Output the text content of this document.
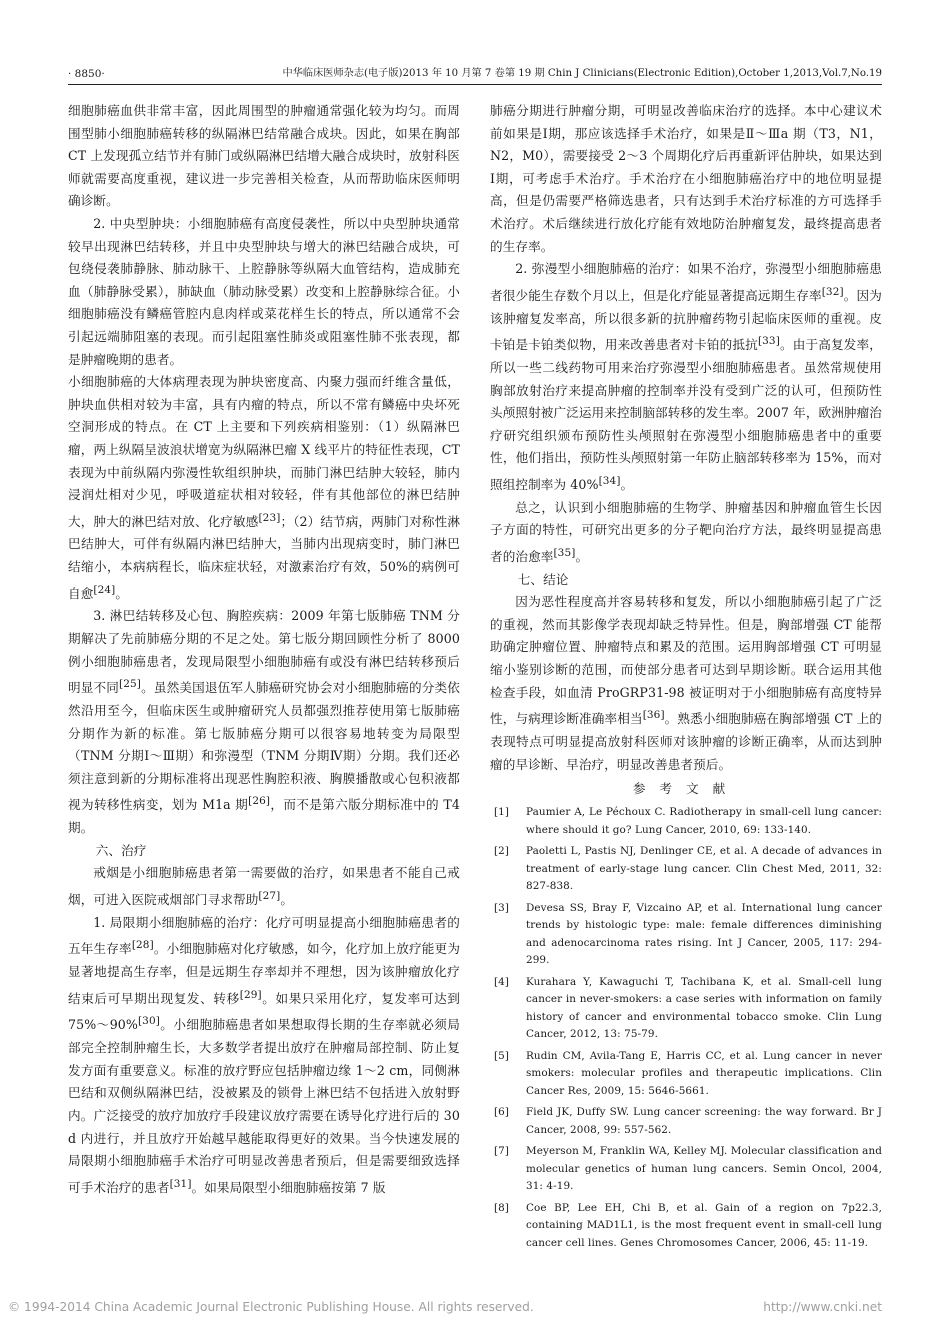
· 8850·	中华临床医师杂志(电子版)2013 年 10 月第 7 卷第 19 期 Chin J Clinicians(Electronic Edition),October 1,2013,Vol.7,No.19

细胞肺癌血供非常丰富，因此周围型的肿瘤通常强化较为均匀。而周围型肺小细胞肺癌转移的纵隔淋巴结常融合成块。因此，如果在胸部 CT 上发现孤立结节并有肺门或纵隔淋巴结增大融合成块时，放射科医师就需要高度重视，建议进一步完善相关检查，从而帮助临床医师明确诊断。

2. 中央型肿块：小细胞肺癌有高度侵袭性，所以中央型肿块通常较早出现淋巴结转移，并且中央型肿块与增大的淋巴结融合成块，可包绕侵袭肺静脉、肺动脉干、上腔静脉等纵隔大血管结构，造成肺充血（肺静脉受累），肺缺血（肺动脉受累）改变和上腔静脉综合征。小细胞肺癌没有鳞癌管腔内息肉样或菜花样生长的特点，所以通常不会引起远端肺阻塞的表现。而引起阻塞性肺炎或阻塞性肺不张表现，都是肿瘤晚期的患者。

小细胞肺癌的大体病理表现为肿块密度高、内聚力强而纤维含量低，肿块血供相对较为丰富，具有内瘤的特点，所以不常有鳞癌中央坏死空洞形成的特点。在 CT 上主要和下列疾病相鉴别：（1）纵隔淋巴瘤，两上纵隔呈波浪状增宽为纵隔淋巴瘤 X 线平片的特征性表现，CT 表现为中前纵隔内弥漫性软组织肿块，而肺门淋巴结肿大较轻，肺内浸润灶相对少见，呼吸道症状相对较轻，伴有其他部位的淋巴结肿大，肿大的淋巴结对放、化疗敏感[23]；（2）结节病，两肺门对称性淋巴结肿大，可伴有纵隔内淋巴结肿大，当肺内出现病变时，肺门淋巴结缩小，本病病程长，临床症状轻，对激素治疗有效，50%的病例可自愈[24]。

3. 淋巴结转移及心包、胸腔疾病：2009 年第七版肺癌 TNM 分期解决了先前肺癌分期的不足之处。第七版分期回顾性分析了 8000 例小细胞肺癌患者，发现局限型小细胞肺癌有或没有淋巴结转移预后明显不同[25]。虽然美国退伍军人肺癌研究协会对小细胞肺癌的分类依然沿用至今，但临床医生或肿瘤研究人员都强烈推荐使用第七版肺癌分期作为新的标准。第七版肺癌分期可以很容易地转变为局限型（TNM 分期Ⅰ～Ⅲ期）和弥漫型（TNM 分期Ⅳ期）分期。我们还必须注意到新的分期标准将出现恶性胸腔积液、胸膜播散或心包积液都视为转移性病变，划为 M1a 期[26]，而不是第六版分期标准中的 T4 期。

六、治疗

戒烟是小细胞肺癌患者第一需要做的治疗，如果患者不能自己戒烟，可进入医院戒烟部门寻求帮助[27]。

1. 局限期小细胞肺癌的治疗：化疗可明显提高小细胞肺癌患者的五年生存率[28]。小细胞肺癌对化疗敏感，如今，化疗加上放疗能更为显著地提高生存率，但是远期生存率却并不理想，因为该肿瘤放化疗结束后可早期出现复发、转移[29]。如果只采用化疗，复发率可达到 75%～90%[30]。小细胞肺癌患者如果想取得长期的生存率就必须局部完全控制肿瘤生长，大多数学者提出放疗在肿瘤局部控制、防止复发方面有重要意义。标准的放疗野应包括肿瘤边缘 1～2 cm，同侧淋巴结和双侧纵隔淋巴结，没被累及的锁骨上淋巴结不包括进入放射野内。广泛接受的放疗加放疗手段建议放疗需要在诱导化疗进行后的 30 d 内进行，并且放疗开始越早越能取得更好的效果。当今快速发展的局限期小细胞肺癌手术治疗可明显改善患者预后，但是需要细致选择可手术治疗的患者[31]。如果局限型小细胞肺癌按第 7 版

肺癌分期进行肿瘤分期，可明显改善临床治疗的选择。本中心建议术前如果是Ⅰ期，那应该选择手术治疗，如果是Ⅱ～Ⅲa 期（T3，N1，N2，M0），需要接受 2～3 个周期化疗后再重新评估肿块，如果达到Ⅰ期，可考虑手术治疗。手术治疗在小细胞肺癌治疗中的地位明显提高，但是仍需要严格筛选患者，只有达到手术治疗标准的方可选择手术治疗。术后继续进行放化疗能有效地防治肿瘤复发，最终提高患者的生存率。

2. 弥漫型小细胞肺癌的治疗：如果不治疗，弥漫型小细胞肺癌患者很少能生存数个月以上，但是化疗能显著提高远期生存率[32]。因为该肿瘤复发率高，所以很多新的抗肿瘤药物引起临床医师的重视。皮卡铂是卡铂类似物，用来改善患者对卡铂的抵抗[33]。由于高复发率，所以一些二线药物可用来治疗弥漫型小细胞肺癌患者。虽然常规使用胸部放射治疗来提高肿瘤的控制率并没有受到广泛的认可，但预防性头颅照射被广泛运用来控制脑部转移的发生率。2007 年，欧洲肿瘤治疗研究组织颁布预防性头颅照射在弥漫型小细胞肺癌患者中的重要性，他们指出，预防性头颅照射第一年防止脑部转移率为 15%，而对照组控制率为 40%[34]。

总之，认识到小细胞肺癌的生物学、肿瘤基因和肿瘤血管生长因子方面的特性，可研究出更多的分子靶向治疗方法，最终明显提高患者的治愈率[35]。

七、结论

因为恶性程度高并容易转移和复发，所以小细胞肺癌引起了广泛的重视，然而其影像学表现却缺乏特异性。但是，胸部增强 CT 能帮助确定肿瘤位置、肿瘤特点和累及的范围。运用胸部增强 CT 可明显缩小鉴别诊断的范围，而使部分患者可达到早期诊断。联合运用其他检查手段，如血清 ProGRP31-98 被证明对于小细胞肺癌有高度特异性，与病理诊断准确率相当[36]。熟悉小细胞肺癌在胸部增强 CT 上的表现特点可明显提高放射科医师对该肿瘤的诊断正确率，从而达到肿瘤的早诊断、早治疗，明显改善患者预后。

参考文献
[1] Paumier A, Le Péchoux C. Radiotherapy in small-cell lung cancer: where should it go? Lung Cancer, 2010, 69: 133-140.
[2] Paoletti L, Pastis NJ, Denlinger CE, et al. A decade of advances in treatment of early-stage lung cancer. Clin Chest Med, 2011, 32: 827-838.
[3] Devesa SS, Bray F, Vizcaino AP, et al. International lung cancer trends by histologic type: male: female differences diminishing and adenocarcinoma rates rising. Int J Cancer, 2005, 117: 294-299.
[4] Kurahara Y, Kawaguchi T, Tachibana K, et al. Small-cell lung cancer in never-smokers: a case series with information on family history of cancer and environmental tobacco smoke. Clin Lung Cancer, 2012, 13: 75-79.
[5] Rudin CM, Avila-Tang E, Harris CC, et al. Lung cancer in never smokers: molecular profiles and therapeutic implications. Clin Cancer Res, 2009, 15: 5646-5661.
[6] Field JK, Duffy SW. Lung cancer screening: the way forward. Br J Cancer, 2008, 99: 557-562.
[7] Meyerson M, Franklin WA, Kelley MJ. Molecular classification and molecular genetics of human lung cancers. Semin Oncol, 2004, 31: 4-19.
[8] Coe BP, Lee EH, Chi B, et al. Gain of a region on 7p22.3, containing MAD1L1, is the most frequent event in small-cell lung cancer cell lines. Genes Chromosomes Cancer, 2006, 45: 11-19.
© 1994-2014 China Academic Journal Electronic Publishing House. All rights reserved.	http://www.cnki.net
